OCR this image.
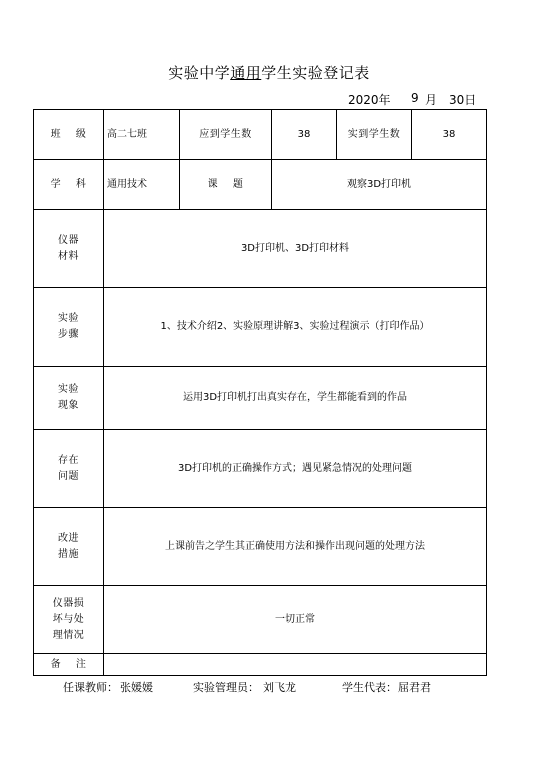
实验中学通用学生实验登记表
2020年 9 月 30日
班    级	高二七班	应到学生数	38	实到学生数	38
学    科	通用技术	课    题	观察3D打印机		

仪器
材料	3D打印机、3D打印材料				

实验
步骤	1、技术介绍2、实验原理讲解3、实验过程演示（打印作品）				

实验
现象	运用3D打印机打出真实存在，学生都能看到的作品				

存在
问题	3D打印机的正确操作方式；遇见紧急情况的处理问题				

改进
措施	上课前告之学生其正确使用方法和操作出现问题的处理方法				

仪器损
坏与处
理情况	一切正常				
备    注					
任课教师： 张媛媛	实验管理员： 刘飞龙	学生代表： 屈君君
